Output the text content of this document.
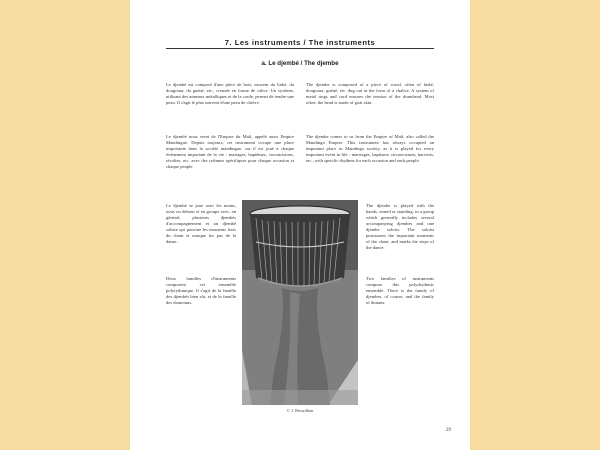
7. Les instruments / The instruments
a. Le djembé / The djembe
Le djembé est composé d'une pièce de bois, souvent du linké, du dougoura, du guéné, etc., creusée en forme de calice. Un système, utilisant des anneaux métalliques et de la corde, permet de tendre une peau. Il s'agit le plus souvent d'une peau de chèvre.
Le djembé nous vient de l'Empire du Mali, appelé aussi Empire Mandingue. Depuis toujours, cet instrument occupe une place importante dans la société mandingue, car il est joué à chaque événement important de la vie : mariages, baptêmes, circoncisions, récoltes, etc. avec des rythmes spécifiques pour chaque occasion et chaque peuple.
The djembe is composed of a piece of wood, often of linké, dougoura, guéné, etc. dug out in the form of a chalice. A system of metal rings and cord ensures the tension of the drumhead. Most often, the head is made of goat skin.
The djembe comes to us from the Empire of Mali, also called the Mandingo Empire. This instrument has always occupied an important place in Mandingo society, as it is played for every important event in life : marriages, baptisms, circoncisions, harvests, etc., with specific rhythms for each occasion and each people.
Le djembé se joue avec les mains, assis ou debout et en groupe avec, en général, plusieurs djembés d'accompagnement et un djembé soliste qui ponctue les moments forts du chant et marque les pas de la danse.
Deux familles d'instruments composent cet ensemble polyrythmique. Il s'agit de la famille des djembés bien sûr, et de la famille des dounouns.
© J. Bessolhan
The djembe is played with the hands, seated or standing, in a group which generally includes several accompanying djembes and one djembe soloist. The soloist punctuates the important moments of the chant, and marks the steps of the dance.
Two families of instruments compose this polyrhythmic ensemble. There is the family of djembes, of course, and the family of dununs.
29
